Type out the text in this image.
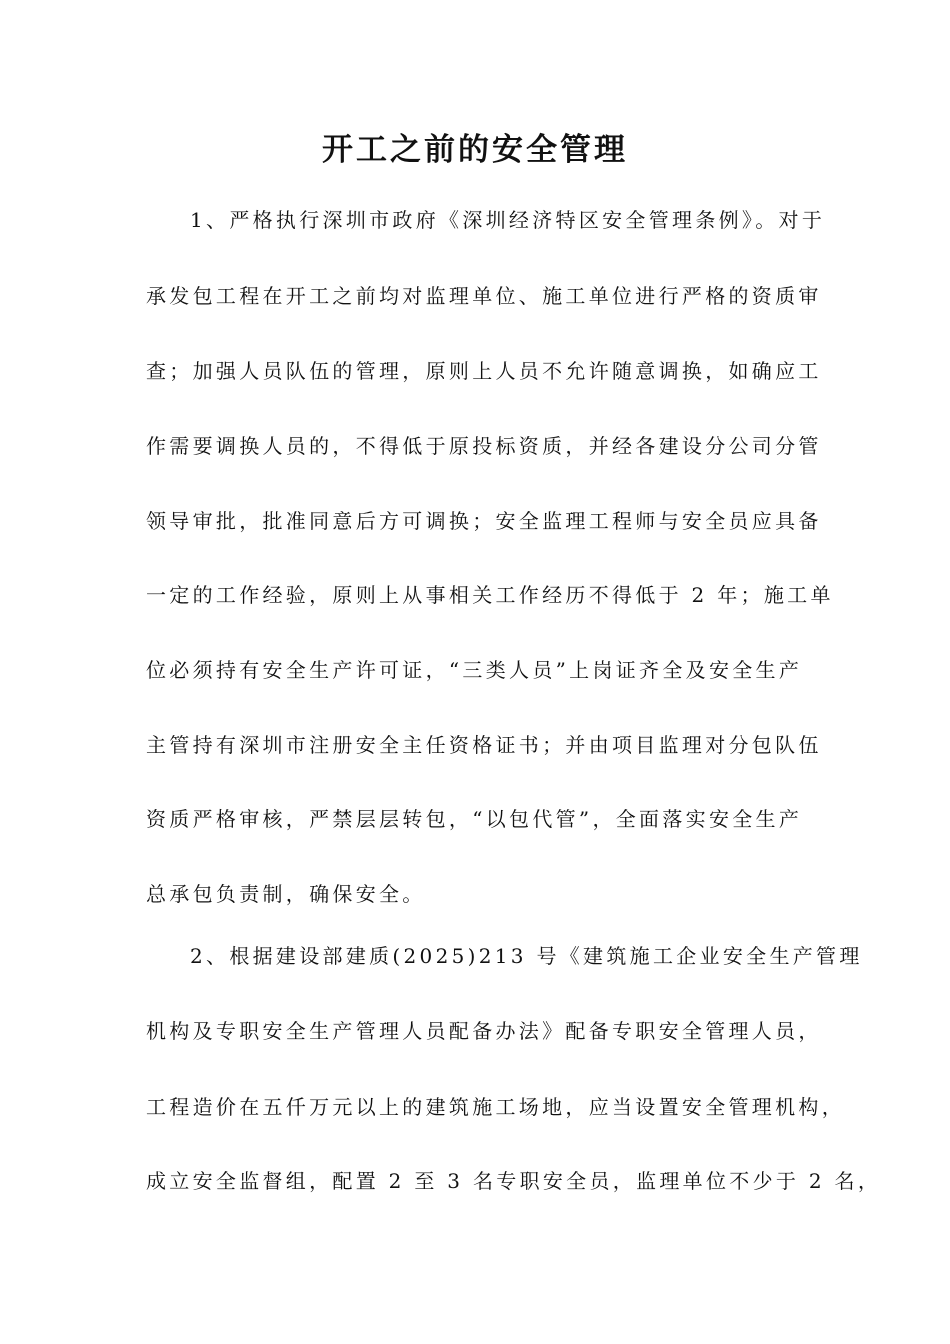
开工之前的安全管理
1、严格执行深圳市政府《深圳经济特区安全管理条例》。对于
承发包工程在开工之前均对监理单位、施工单位进行严格的资质审
查；加强人员队伍的管理，原则上人员不允许随意调换，如确应工
作需要调换人员的，不得低于原投标资质，并经各建设分公司分管
领导审批，批准同意后方可调换；安全监理工程师与安全员应具备
一定的工作经验，原则上从事相关工作经历不得低于 2 年；施工单
位必须持有安全生产许可证，“三类人员”上岗证齐全及安全生产
主管持有深圳市注册安全主任资格证书；并由项目监理对分包队伍
资质严格审核，严禁层层转包，“以包代管”，全面落实安全生产
总承包负责制，确保安全。
2、根据建设部建质(2025)213 号《建筑施工企业安全生产管理
机构及专职安全生产管理人员配备办法》配备专职安全管理人员，
工程造价在五仟万元以上的建筑施工场地，应当设置安全管理机构，
成立安全监督组，配置 2 至 3 名专职安全员，监理单位不少于 2 名，
